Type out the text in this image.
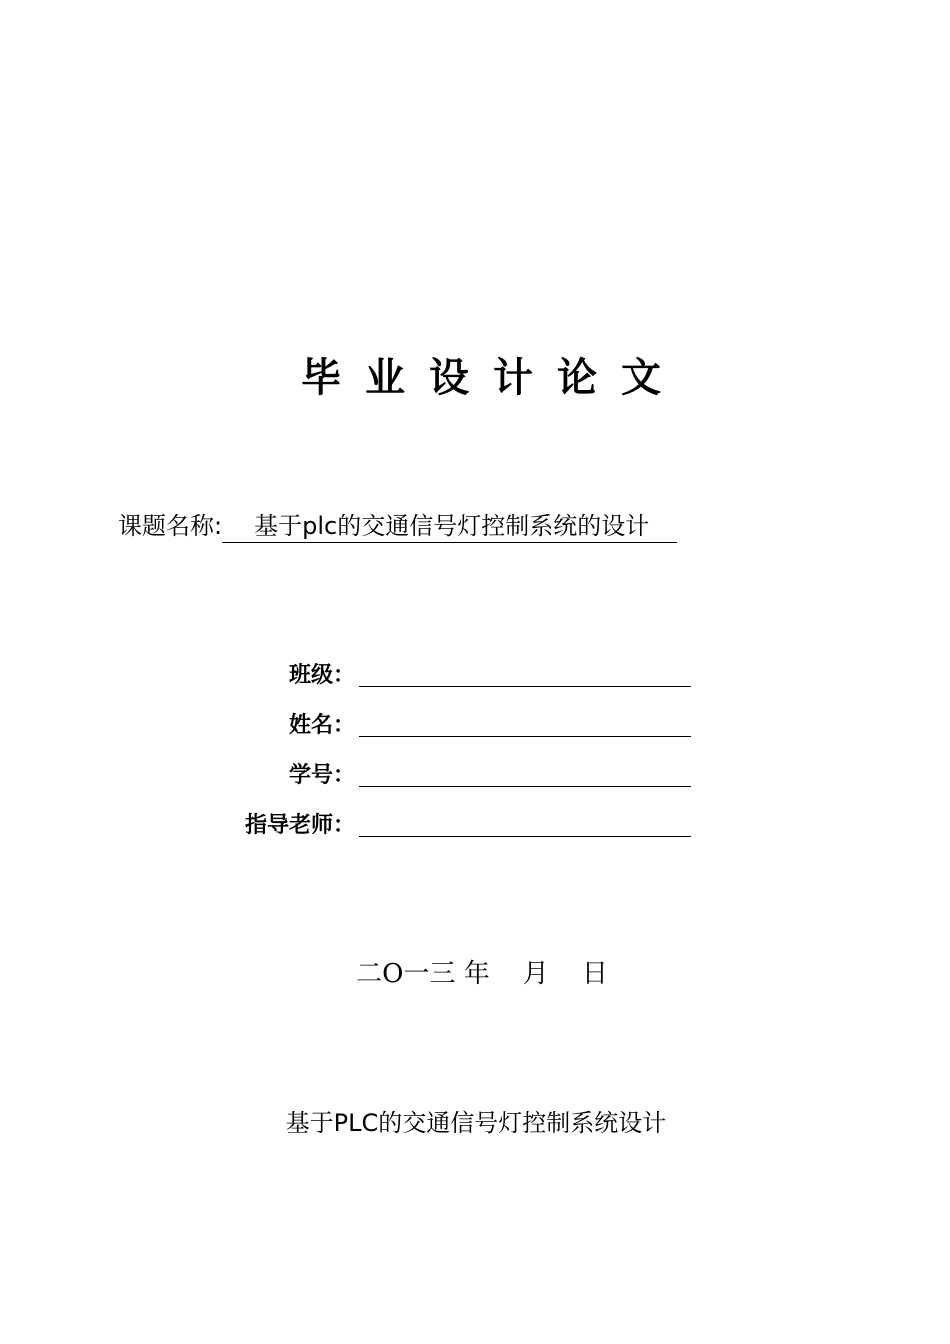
毕业设计论文
课题名称: 基于plc的交通信号灯控制系统的设计
班级：
姓名：
学号：
指导老师：
二O一三 年    月    日
基于PLC的交通信号灯控制系统设计
